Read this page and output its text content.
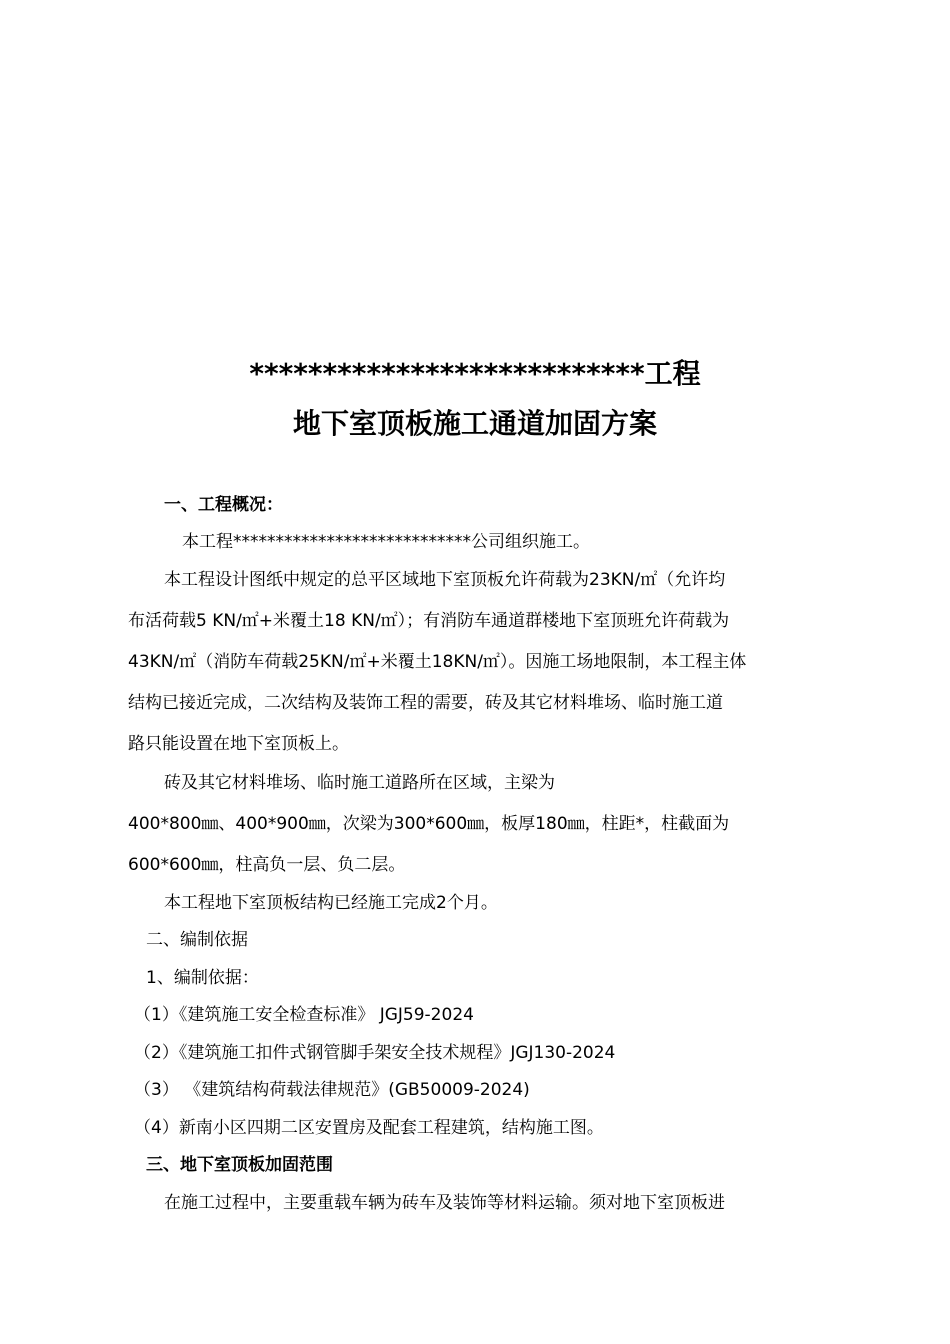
***************************工程
地下室顶板施工通道加固方案
一、工程概况：
本工程****************************公司组织施工。
本工程设计图纸中规定的总平区域地下室顶板允许荷载为23KN/㎡（允许均
布活荷载5 KN/㎡+米覆土18 KN/㎡）；有消防车通道群楼地下室顶班允许荷载为
43KN/㎡（消防车荷载25KN/㎡+米覆土18KN/㎡）。因施工场地限制，本工程主体
结构已接近完成，二次结构及装饰工程的需要，砖及其它材料堆场、临时施工道
路只能设置在地下室顶板上。
砖及其它材料堆场、临时施工道路所在区域，主梁为
400*800㎜、400*900㎜，次梁为300*600㎜，板厚180㎜，柱距*，柱截面为
600*600㎜，柱高负一层、负二层。
本工程地下室顶板结构已经施工完成2个月。
二、编制依据
1、编制依据：
（1）《建筑施工安全检查标准》 JGJ59-2024
（2）《建筑施工扣件式钢管脚手架安全技术规程》JGJ130-2024
（3） 《建筑结构荷载法律规范》(GB50009-2024)
（4）新南小区四期二区安置房及配套工程建筑，结构施工图。
三、地下室顶板加固范围
在施工过程中，主要重载车辆为砖车及装饰等材料运输。须对地下室顶板进
